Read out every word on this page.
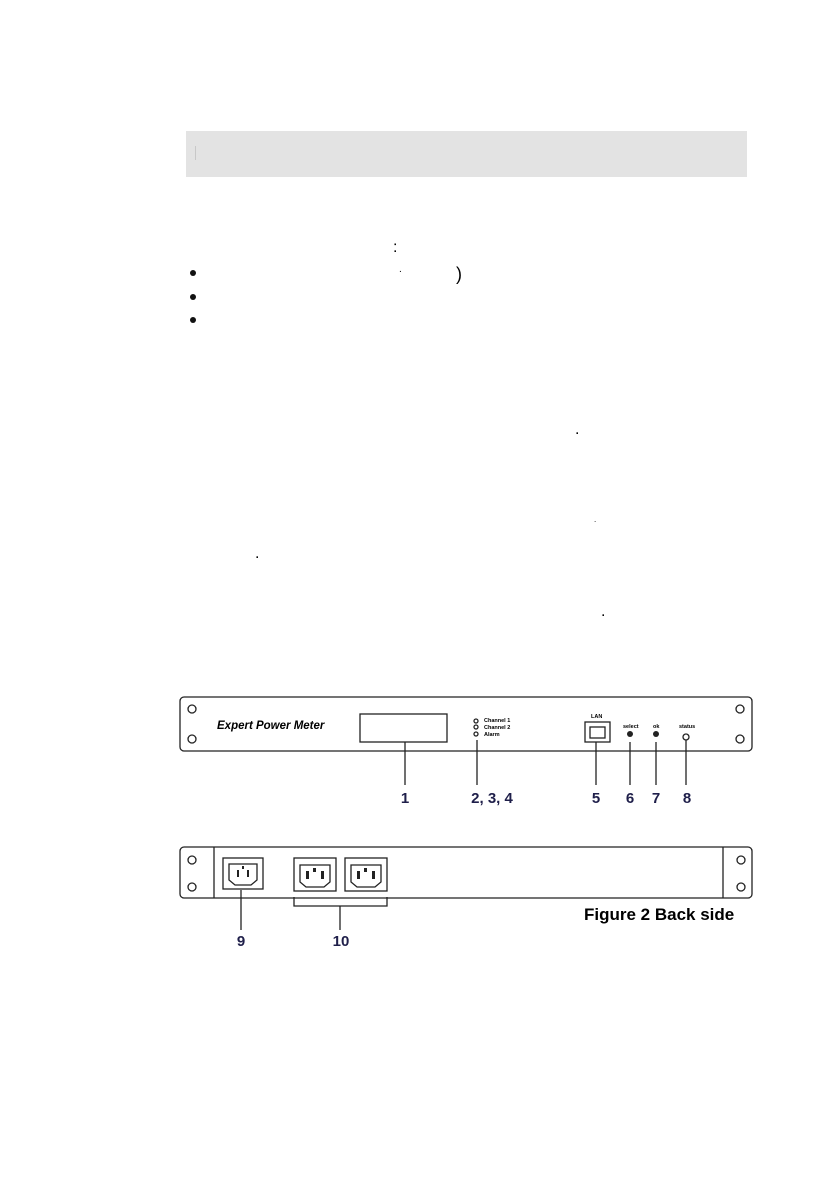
:
)
.
.
.
.
.
Expert Power Meter	Channel 1
Channel 2
Alarm
LAN
select	ok	status
1	2, 3, 4	5 6 7 8
9	10
Figure 2 Back side
